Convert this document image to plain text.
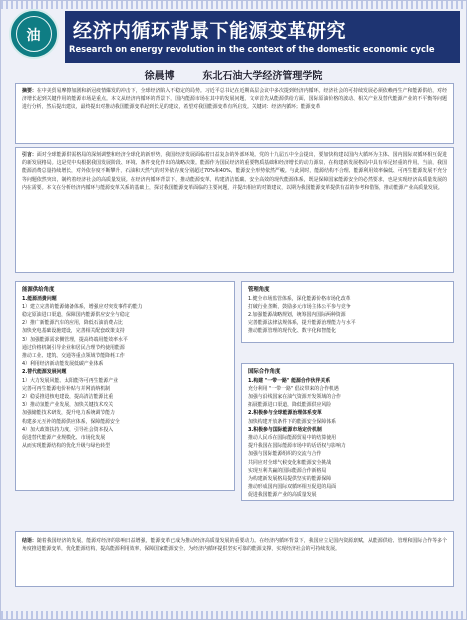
油	经济内循环背景下能源变革研究
Research on energy revolution in the context of the domestic economic cycle
徐晨博	东北石油大学经济管理学院
摘要：在中美贸易摩擦加剧和新冠疫情爆发的冲击下，全球经济陷入不稳定的局势。习近平总书记在近期高层会议中多次提到经济内循环。经济社会的可持续发展必须依赖再生产和能源供给，对经济增长起到关键作用的能源市场是重点。本文从经济内循环的背景下，国内能源市场在其中的发展问题，文章首先从能源供给方面，国际原油价格的波动、相关产业及替代能源产业的不平衡等问题进行分析，然后提出建议，最终提出对推动我国能源变革起到长足的建议，希望对我国能源变革有所启发。关键词：经济内循环；能源变革
引言：面对全球能源供需格局的深刻调整和经济全球化的新形势，我国经济发展面临着日益复杂的外部环境。党的十九届五中全会提出，要加快构建以国内大循环为主体、国内国际双循环相互促进的新发展格局。这是党中央根据我国发展阶段、环境、条件变化作出的战略决策。能源作为国民经济的重要物质基础和经济增长的动力源泉，在构建新发展格局中具有举足轻重的作用。当前，我国能源消费总量持续增长，对外依存度不断攀升，石油和天然气的对外依存度分别超过70%和40%，能源安全形势依然严峻。与此同时，能源结构不合理、能源利用效率偏低、可再生能源发展不充分等问题依然突出，制约着经济社会的高质量发展。在经济内循环背景下，推动能源变革，构建清洁低碳、安全高效的现代能源体系，既是保障国家能源安全的必然要求，也是实现经济高质量发展的内在需要。本文在分析经济内循环与能源变革关系的基础上，探讨我国能源变革面临的主要问题，并提出相应的对策建议，以期为我国能源变革提供有益的参考和借鉴，推动能源产业高质量发展。
能源供给角度
1.能源消费问题
1）建立完善的能源储备体系，增强应对突发事件的能力
稳定原油进口渠道，保障国内能源供应安全与稳定
2）推广新能源汽车的应用，降低石油消费占比
加快充电基础设施建设，完善相关配套政策支持
3）加强能源需求侧管理，提高终端用能效率水平
通过价格机制引导企业和居民合理节约使用能源
推动工业、建筑、交通等重点领域节能降耗工作
4）利用经济新动能发展低碳产业体系
2.替代能源发展问题
1）大力发展风能、太阳能等可再生能源产业
完善可再生能源电价补贴与并网消纳机制
2）稳妥推进核电建设，提高清洁能源比重
3）推动氢能产业发展，加快关键技术攻关
加强储能技术研发，提升电力系统调节能力
构建多元互补的能源供应体系，保障能源安全
4）加大政策扶持力度，引导社会资本投入
促进替代能源产业规模化、市场化发展
从而实现能源结构的优化升级与绿色转型
管理角度
1.健全市场监管体系，深化能源价格市场化改革
打破行业垄断，鼓励多元市场主体公平参与竞争
2.加强能源战略规划，统筹国内国际两种资源
完善能源法律法规体系，提升能源治理能力与水平
推动能源管理的现代化、数字化和智能化
国际合作角度
1.构建 "一带一路" 能源合作伙伴关系
充分利用 "一带一路" 倡议带来的合作机遇
加强与沿线国家在油气资源开发领域的合作
拓展能源进口渠道，降低能源供应风险
2.积极参与全球能源治理体系变革
加快构建开放条件下的能源安全保障体系
3.积极参与国际能源市场定价机制
推动人民币在国际能源贸易中的结算使用
提升我国在国际能源市场中的话语权与影响力
加强与国际能源组织的交流与合作
共同应对全球气候变化和能源安全挑战
实现互利共赢的国际能源合作新格局
为构建新发展格局提供坚实的能源保障
推动形成国内国际双循环相互促进的局面
促进我国能源产业的高质量发展
结语：随着我国经济的发展，能源对经济的影响日益增强，能源变革已成为推动经济高质量发展的重要动力。在经济内循环背景下，我国应立足国内资源禀赋，从能源供给、管理和国际合作等多个角度推进能源变革，优化能源结构，提高能源利用效率，保障国家能源安全，为经济内循环提供坚实可靠的能源支撑，实现经济社会的可持续发展。
